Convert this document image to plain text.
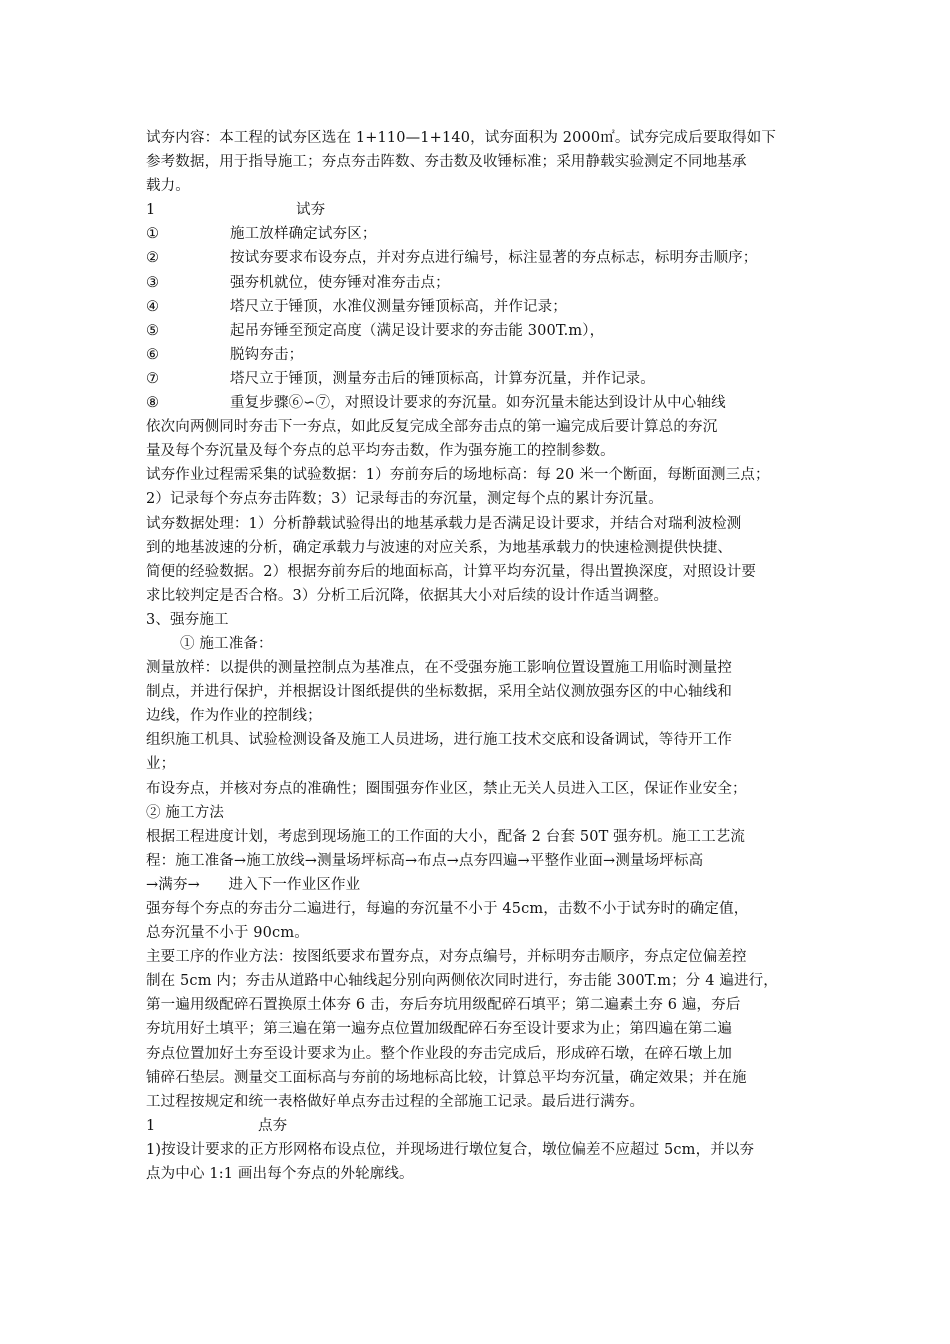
试夯内容：本工程的试夯区选在 1+110—1+140，试夯面积为 2000㎡。试夯完成后要取得如下
参考数据，用于指导施工；夯点夯击阵数、夯击数及收锤标准；采用静载实验测定不同地基承
载力。
1	试夯
①	施工放样确定试夯区；
②	按试夯要求布设夯点，并对夯点进行编号，标注显著的夯点标志，标明夯击顺序；
③	强夯机就位，使夯锤对准夯击点；
④	塔尺立于锤顶，水准仪测量夯锤顶标高，并作记录；
⑤	起吊夯锤至预定高度（满足设计要求的夯击能 300T.m），
⑥	脱钩夯击；
⑦	塔尺立于锤顶，测量夯击后的锤顶标高，计算夯沉量，并作记录。
⑧	重复步骤⑥∽⑦，对照设计要求的夯沉量。如夯沉量未能达到设计从中心轴线
依次向两侧同时夯击下一夯点，如此反复完成全部夯击点的第一遍完成后要计算总的夯沉
量及每个夯沉量及每个夯点的总平均夯击数，作为强夯施工的控制参数。
试夯作业过程需采集的试验数据：1）夯前夯后的场地标高：每 20 米一个断面，每断面测三点；
2）记录每个夯点夯击阵数；3）记录每击的夯沉量，测定每个点的累计夯沉量。
试夯数据处理：1）分析静载试验得出的地基承载力是否满足设计要求，并结合对瑞利波检测
到的地基波速的分析，确定承载力与波速的对应关系，为地基承载力的快速检测提供快捷、
简便的经验数据。2）根据夯前夯后的地面标高，计算平均夯沉量，得出置换深度，对照设计要
求比较判定是否合格。3）分析工后沉降，依据其大小对后续的设计作适当调整。
3、强夯施工
① 施工准备：
测量放样：以提供的测量控制点为基准点，在不受强夯施工影响位置设置施工用临时测量控
制点，并进行保护，并根据设计图纸提供的坐标数据，采用全站仪测放强夯区的中心轴线和
边线，作为作业的控制线；
组织施工机具、试验检测设备及施工人员进场，进行施工技术交底和设备调试，等待开工作
业；
布设夯点，并核对夯点的准确性；圈围强夯作业区，禁止无关人员进入工区，保证作业安全；
② 施工方法
根据工程进度计划，考虑到现场施工的工作面的大小，配备 2 台套 50T 强夯机。施工工艺流
程：施工准备→施工放线→测量场坪标高→布点→点夯四遍→平整作业面→测量场坪标高
→满夯→      进入下一作业区作业
强夯每个夯点的夯击分二遍进行，每遍的夯沉量不小于 45cm，击数不小于试夯时的确定值，
总夯沉量不小于 90cm。
主要工序的作业方法：按图纸要求布置夯点，对夯点编号，并标明夯击顺序，夯点定位偏差控
制在 5cm 内；夯击从道路中心轴线起分别向两侧依次同时进行，夯击能 300T.m；分 4 遍进行，
第一遍用级配碎石置换原土体夯 6 击，夯后夯坑用级配碎石填平；第二遍素土夯 6 遍，夯后
夯坑用好土填平；第三遍在第一遍夯点位置加级配碎石夯至设计要求为止；第四遍在第二遍
夯点位置加好土夯至设计要求为止。整个作业段的夯击完成后，形成碎石墩，在碎石墩上加
铺碎石垫层。测量交工面标高与夯前的场地标高比较，计算总平均夯沉量，确定效果；并在施
工过程按规定和统一表格做好单点夯击过程的全部施工记录。最后进行满夯。
1	点夯
1)按设计要求的正方形网格布设点位，并现场进行墩位复合，墩位偏差不应超过 5cm，并以夯
点为中心 1:1 画出每个夯点的外轮廓线。
